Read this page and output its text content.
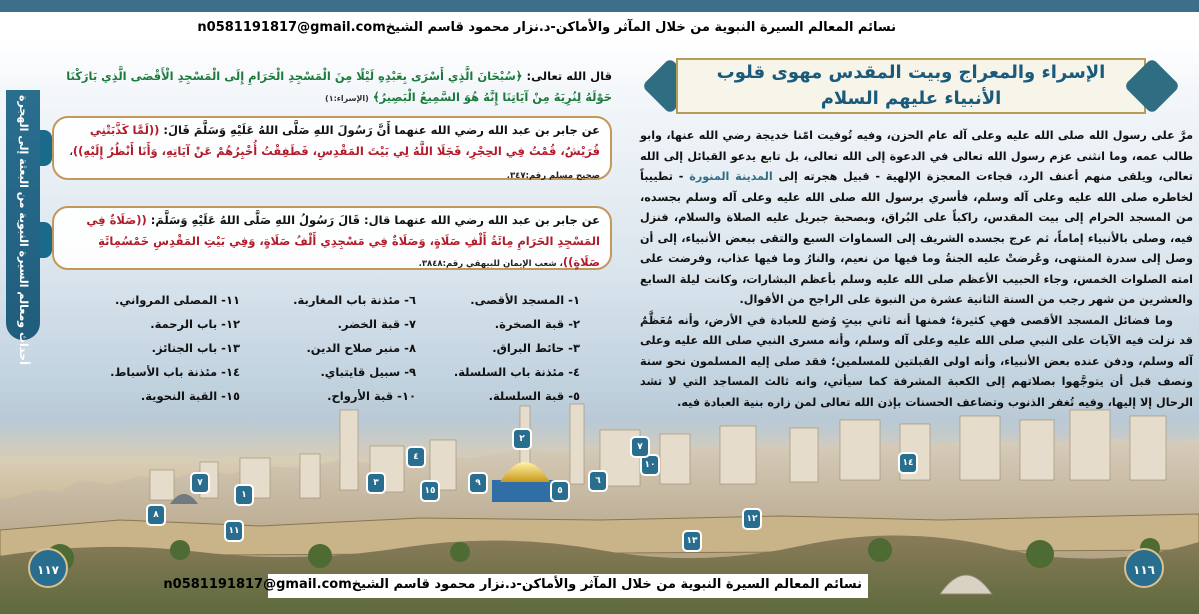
نسائم المعالم السيرة النبوية من خلال المآثر والأماكن-د.نزار محمود قاسم الشيخn0581191817@gmail.com
أحداث ومعالم السيرة النبوية من البعثة إلى الهجرة
الإسراء والمعراج وبيت المقدس مهوى قلوب الأنبياء عليهم السلام

مرَّ على رسول الله صلى الله عليه وعلى آله عام الحزن، وفيه تُوفيت امّنا خديجة رضي الله عنها، وابو طالب عمه، وما انثنى عزم رسول الله تعالى في الدعوة إلى الله تعالى، بل تابع يدعو القبائل إلى الله تعالى، ويلقى منهم أعنف الرد، فجاءت المعجزة الإلهية - قبيل هجرته إلى المدينة المنورة - تطييباً لخاطره صلى الله عليه وعلى آله وسلم، فأسري برسول الله صلى الله عليه وعلى آله وسلم بجسده، من المسجد الحرام إلى بيت المقدس، راكباً على البُراق، وبصحبة جبريل عليه الصلاة والسلام، فنزل فيه، وصلى بالأنبياء إماماً، ثم عرج بجسده الشريف إلى السماوات السبع والتقى ببعض الأنبياء، إلى أن وصل إلى سدرة المنتهى، وعُرضتْ عليه الجنةُ وما فيها من نعيم، والنارُ وما فيها عذاب، وفرضت على امته الصلوات الخمس، وجاء الحبيب الأعظم صلى الله عليه وسلم بأعظم البشارات، وكانت ليلة السابع والعشرين من شهر رجب من السنة الثانية عشرة من النبوة على الراجح من الأقوال.

وما فضائل المسجد الأقصى فهي كثيرة؛ فمنها أنه ثاني بيتٍ وُضع للعبادة في الأرض، وأنه مُعَظَّمٌ قد نزلت فيه الآيات على النبي صلى الله عليه وعلى آله وسلم، وأنه مسرى النبي صلى الله عليه وعلى آله وسلم، ودفن عنده بعض الأنبياء، وأنه اولى القبلتين للمسلمين؛ فقد صلى إليه المسلمون نحو سنة ونصف قبل أن يتوجَّهوا بصلاتهم إلى الكعبة المشرفة كما سيأتي، وانه ثالث المساجد التي لا تشد الرحال إلا إليها، وفيه تُغفر الذنوب وتضاعف الحسنات بإذن الله تعالى لمن زاره بنية العبادة فيه.

قال الله تعالى: ﴿سُبْحَانَ الَّذِي أَسْرَى بِعَبْدِهِ لَيْلًا مِنَ الْمَسْجِدِ الْحَرَامِ إِلَى الْمَسْجِدِ الْأَقْصَى الَّذِي بَارَكْنَا حَوْلَهُ لِنُرِيَهُ مِنْ آيَاتِنَا إِنَّهُ هُوَ السَّمِيعُ الْبَصِيرُ﴾ (الإسراء:١)
عن جابر بن عبد الله رضي الله عنهما أَنَّ رَسُولَ اللهِ صَلَّى اللهُ عَلَيْهِ وَسَلَّمَ قَالَ: ((لَمَّا كَذَّبَتْنِي قُرَيْشٌ، قُمْتُ فِي الحِجْرِ، فَجَلَا اللَّهُ لِي بَيْتَ المَقْدِسِ، فَطَفِقْتُ أُخْبِرُهُمْ عَنْ آيَاتِهِ، وَأَنَا أَنْظُرُ إِلَيْهِ))، صحيح مسلم رقم:٣٤٧.
عن جابر بن عبد الله رضي الله عنهما قال: قَالَ رَسُولُ اللهِ صَلَّى اللهُ عَلَيْهِ وَسَلَّمَ: ((صَلَاةٌ فِي المَسْجِدِ الحَرَامِ مِائَةُ أَلْفِ صَلَاةٍ، وَصَلَاةٌ فِي مَسْجِدِي أَلْفُ صَلَاةٍ، وَفِي بَيْتِ المَقْدِسِ خَمْسُمِائَةِ صَلَاةٍ))، شعب الإيمان للبيهقي رقم:٣٨٤٨.
٧
١
٨
١١
٣
٤
١٥
٩
٥
٦
٢
١٠
٧
١٤
١٢
١٣
١- المسجد الأقصى.
٢- قبة الصخرة.
٣- حائط البراق.
٤- مئذنة باب السلسلة.
٥- قبة السلسلة.
٦- مئذنة باب المغاربة.
٧- قبة الخضر.
٨- منبر صلاح الدين.
٩- سبيل قايتباي.
١٠- قبة الأرواح.
١١- المصلى المرواني.
١٢- باب الرحمة.
١٣- باب الجنائز.
١٤- مئذنة باب الأسباط.
١٥- القبة النحوية.
١١٧	١١٦
نسائم المعالم السيرة النبوية من خلال المآثر والأماكن-د.نزار محمود قاسم الشيخn0581191817@gmail.com
